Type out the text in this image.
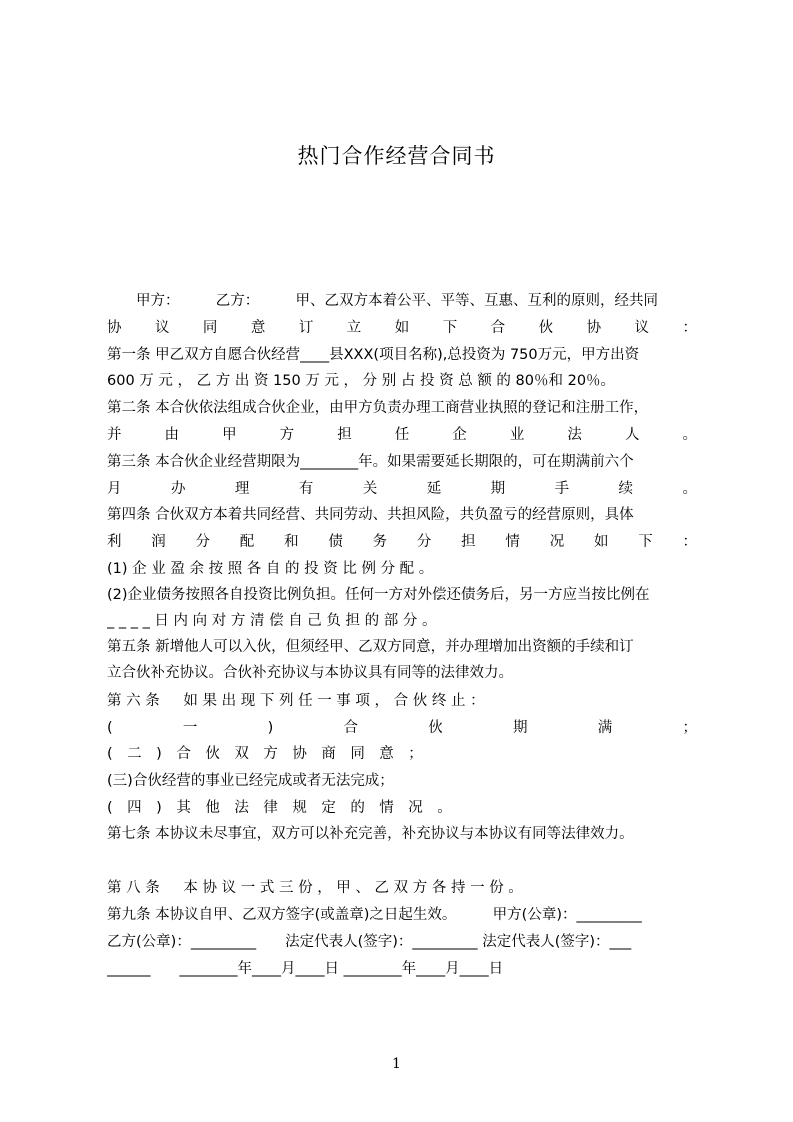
热门合作经营合同书
　　甲方：　　　乙方：　　　甲、乙双方本着公平、平等、互惠、互利的原则，经共同
协　议　同　意　订　立　如　下　合　伙　协　议　：
第一条 甲乙双方自愿合伙经营____县XXX(项目名称),总投资为 750万元，甲方出资
600 万 元 ， 乙 方 出 资 150 万 元 ， 分 别 占 投 资 总 额 的 80％和 20％。
第二条 本合伙依法组成合伙企业，由甲方负责办理工商营业执照的登记和注册工作，
并　由　甲　方　担　任　企　业　法　人　。
第三条 本合伙企业经营期限为________年。如果需要延长期限的，可在期满前六个
月　办　理　有　关　延　期　手　续　。
第四条 合伙双方本着共同经营、共同劳动、共担风险，共负盈亏的经营原则，具体
利　润　分　配　和　债　务　分　担　情　况　如　下　：
(1) 企 业 盈 余 按 照 各 自 的 投 资 比 例 分 配 。
(2)企业债务按照各自投资比例负担。任何一方对外偿还债务后，另一方应当按比例在
_ _ _ _ 日 内 向 对 方 清 偿 自 己 负 担 的 部 分 。
第五条 新增他人可以入伙，但须经甲、乙双方同意，并办理增加出资额的手续和订
立合伙补充协议。合伙补充协议与本协议具有同等的法律效力。
第 六 条 　 如 果 出 现 下 列 任 一 事 项 ， 合 伙 终 止 ：
(　一　)　合　伙　期　满　；
(　二　)　合　伙　双　方　协　商　同　意　；
(三)合伙经营的事业已经完成或者无法完成；
(　四　)　其　他　法　律　规　定　的　情　况　。
第七条 本协议未尽事宜，双方可以补充完善，补充协议与本协议有同等法律效力。
第 八 条 　 本 协 议 一 式 三 份 ， 甲 、 乙 双 方 各 持 一 份 。
第九条 本协议自甲、乙双方签字(或盖章)之日起生效。　　　甲方(公章)：_________
乙方(公章)：_________　　法定代表人(签字)：_________ 法定代表人(签字)：___
______　　________年____月____日 ________年____月____日
1
